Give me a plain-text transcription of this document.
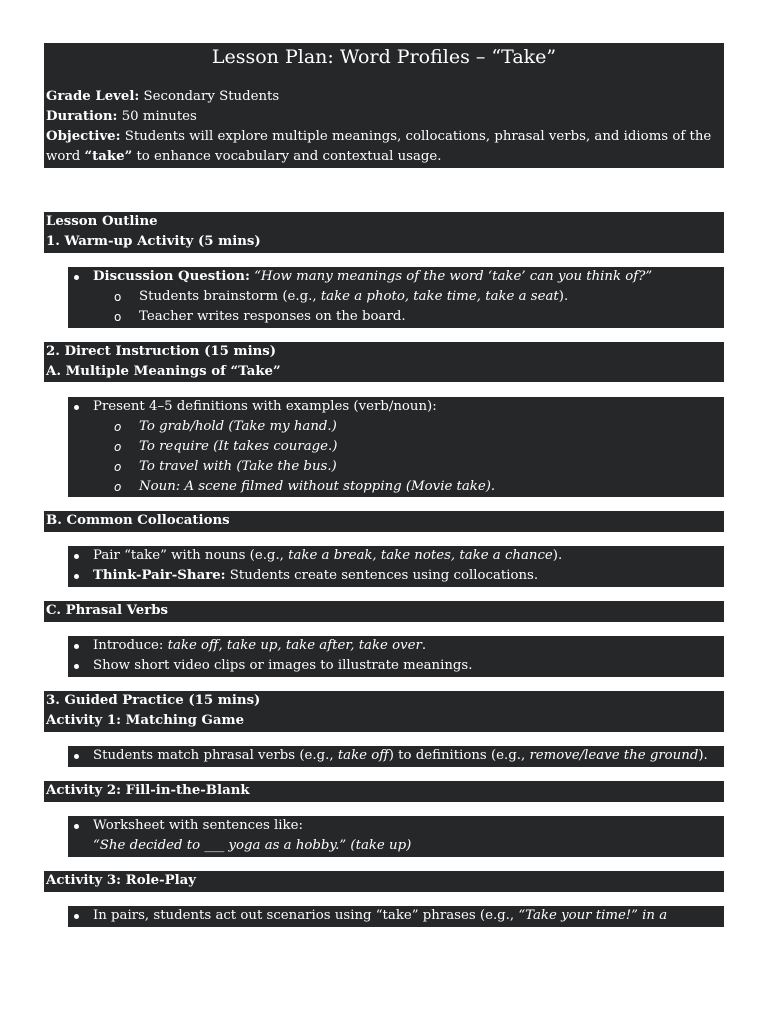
Lesson Plan: Word Profiles – “Take”
Grade Level: Secondary Students
Duration: 50 minutes
Objective: Students will explore multiple meanings, collocations, phrasal verbs, and idioms of the
word “take” to enhance vocabulary and contextual usage.
Lesson Outline
1. Warm-up Activity (5 mins)
Discussion Question: “How many meanings of the word ‘take’ can you think of?”
o Students brainstorm (e.g., take a photo, take time, take a seat).
o Teacher writes responses on the board.
2. Direct Instruction (15 mins)
A. Multiple Meanings of “Take”
Present 4–5 definitions with examples (verb/noun):
o To grab/hold (Take my hand.)
o To require (It takes courage.)
o To travel with (Take the bus.)
o Noun: A scene filmed without stopping (Movie take).
B. Common Collocations
Pair “take” with nouns (e.g., take a break, take notes, take a chance).
Think-Pair-Share: Students create sentences using collocations.
C. Phrasal Verbs
Introduce: take off, take up, take after, take over.
Show short video clips or images to illustrate meanings.
3. Guided Practice (15 mins)
Activity 1: Matching Game
Students match phrasal verbs (e.g., take off) to definitions (e.g., remove/leave the ground).
Activity 2: Fill-in-the-Blank
Worksheet with sentences like:
“She decided to ___ yoga as a hobby.” (take up)
Activity 3: Role-Play
In pairs, students act out scenarios using “take” phrases (e.g., “Take your time!” in a restaurant).
